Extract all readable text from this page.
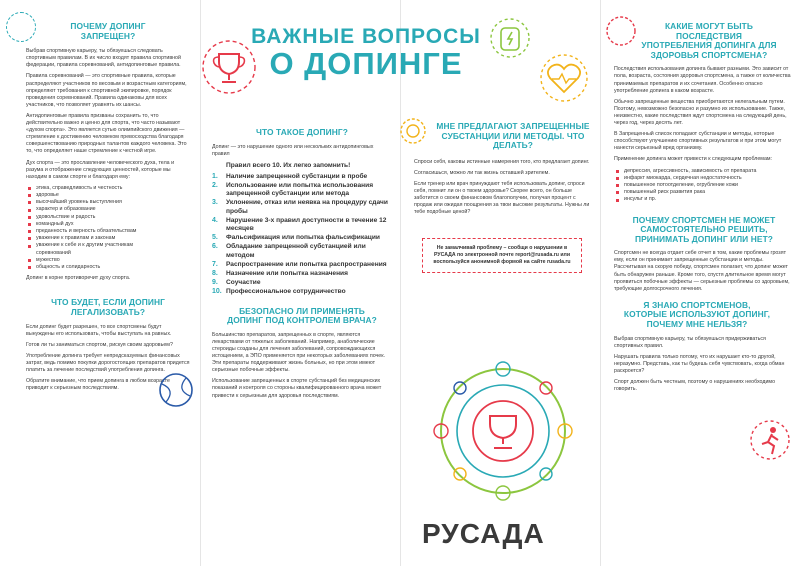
ПОЧЕМУ ДОПИНГ ЗАПРЕЩЕН?

Выбрав спортивную карьеру, ты обязуешься следовать спортивным правилам. В их число входят правила спортивной федерации, правила соревнований, антидопинговые правила.

Правила соревнований — это спортивные правила, которые распределяют участников по весовым и возрастным категориям, определяют требования к спортивной экипировке, порядок проведения соревнований. Правила одинаковы для всех участников, что позволяет уравнять их шансы.

Антидопинговые правила призваны сохранить то, что действительно важно и ценно для спорта, что часто называют «духом спорта». Это является сутью олимпийского движения — стремление к достижению человеком превосходства благодаря совершенствованию природных талантов каждого человека. Это то, что определяет наше стремление к честной игре.

Дух спорта — это прославление человеческого духа, тела и разума и отображение следующих ценностей, которые мы находим в самом спорте и благодаря ему:

этика, справедливость и честность
здоровье
высочайший уровень выступления
характер и образование
удовольствие и радость
командный дух
преданность и верность обязательствам
уважение к правилам и законам
уважение к себе и к другим участникам соревнований
мужество
общность и солидарность

Допинг в корне противоречит духу спорта.

ЧТО БУДЕТ, ЕСЛИ ДОПИНГ ЛЕГАЛИЗОВАТЬ?

Если допинг будет разрешен, то все спортсмены будут вынуждены его использовать, чтобы выступать на равных.

Готов ли ты заниматься спортом, рискуя своим здоровьем?

Употребление допинга требует непредсказуемых финансовых затрат, ведь помимо покупки дорогостоящих препаратов придется платить за лечение последствий употребления допинга.

Обратите внимание, что прием допинга в любом возрасте приводит к серьезным последствиям.

ЧТО ТАКОЕ ДОПИНГ?

Допинг — это нарушение одного или нескольких антидопинговых правил

Правил всего 10. Их легко запомнить!

1. Наличие запрещенной субстанции в пробе
2. Использование или попытка использования запрещенной субстанции или метода
3. Уклонение, отказ или неявка на процедуру сдачи пробы
4. Нарушение 3-х правил доступности в течение 12 месяцев
5. Фальсификация или попытка фальсификации
6. Обладание запрещенной субстанцией или методом
7. Распространение или попытка распространения
8. Назначение или попытка назначения
9. Соучастие
10. Профессиональное сотрудничество
БЕЗОПАСНО ЛИ ПРИМЕНЯТЬ ДОПИНГ ПОД КОНТРОЛЕМ ВРАЧА?

Большинство препаратов, запрещенных в спорте, являются лекарствами от тяжелых заболеваний. Например, анаболические стероиды созданы для лечения заболеваний, сопровождающихся истощением, а ЭПО применяется при некоторых заболеваниях почек. Эти препараты поддерживают жизнь больных, но при этом имеют серьезные побочные эффекты.

Использование запрещенных в спорте субстанций без медицинских показаний и контроля со стороны квалифицированного врача может привести к серьезным для здоровья последствиям.

ВАЖНЫЕ ВОПРОСЫ
О ДОПИНГЕ
МНЕ ПРЕДЛАГАЮТ ЗАПРЕЩЕННЫЕ СУБСТАНЦИИ ИЛИ МЕТОДЫ. ЧТО ДЕЛАТЬ?

Спроси себя, каковы истинные намерения того, кто предлагает допинг.

Согласишься, можно ли так жизнь оставшей зрителем.

Если тренер или врач принуждают тебя использовать допинг, спроси себя, помнит ли он о твоем здоровье? Скорее всего, он больше заботится о своем финансовом благополучии, получая процент с продаж или ожидая поощрения за твои высокие результаты. Нужны ли тебе подобные ценой?

Не замалчивай проблему – сообщи о нарушении в РУСАДА по электронной почте report@rusada.ru или воспользуйся анонимной формой на сайте rusada.ru

РУСАДА
КАКИЕ МОГУТ БЫТЬ ПОСЛЕДСТВИЯ УПОТРЕБЛЕНИЯ ДОПИНГА ДЛЯ ЗДОРОВЬЯ СПОРТСМЕНА?

Последствия использования допинга бывают разными. Это зависит от пола, возраста, состояния здоровья спортсмена, а также от количества принимаемых препаратов и их сочетания. Особенно опасно употребление допинга в каком возрасте.

Обычно запрещенные вещества приобретаются нелегальным путем. Поэтому, невозможно безопасно и разумно их использование. Также, неизвестно, какие последствия ждут спортсмена на следующий день, через год, через десять лет.

В Запрещенный список попадают субстанции и методы, которые способствуют улучшению спортивных результатов и при этом могут нанести серьезный вред организму.

Применение допинга может привести к следующим проблемам:

депрессия, агрессивность, зависимость от препарата
инфаркт миокарда, сердечная недостаточность
повышенное потоотделение, огрубление кожи
повышенный риск развития рака
инсульт и пр.
ПОЧЕМУ СПОРТСМЕН НЕ МОЖЕТ САМОСТОЯТЕЛЬНО РЕШИТЬ, ПРИНИМАТЬ ДОПИНГ ИЛИ НЕТ?

Спортсмен не всегда отдает себе отчет в том, какие проблемы грозят ему, если он принимает запрещенные субстанции и методы. Рассчитывая на скорую победу, спортсмен полагает, что допинг может быть обнаружен раньше. Кроме того, спустя длительное время могут проявиться побочные эффекты — серьезные проблемы со здоровьем, требующие долгосрочного лечения.

Я ЗНАЮ СПОРТСМЕНОВ, КОТОРЫЕ ИСПОЛЬЗУЮТ ДОПИНГ, ПОЧЕМУ МНЕ НЕЛЬЗЯ?

Выбрав спортивную карьеру, ты обязуешься придерживаться спортивных правил.

Нарушать правила только потому, что их нарушает кто-то другой, неразумно. Представь, как ты будешь себя чувствовать, когда обман раскроется?

Спорт должен быть честным, поэтому о нарушениях необходимо говорить.
